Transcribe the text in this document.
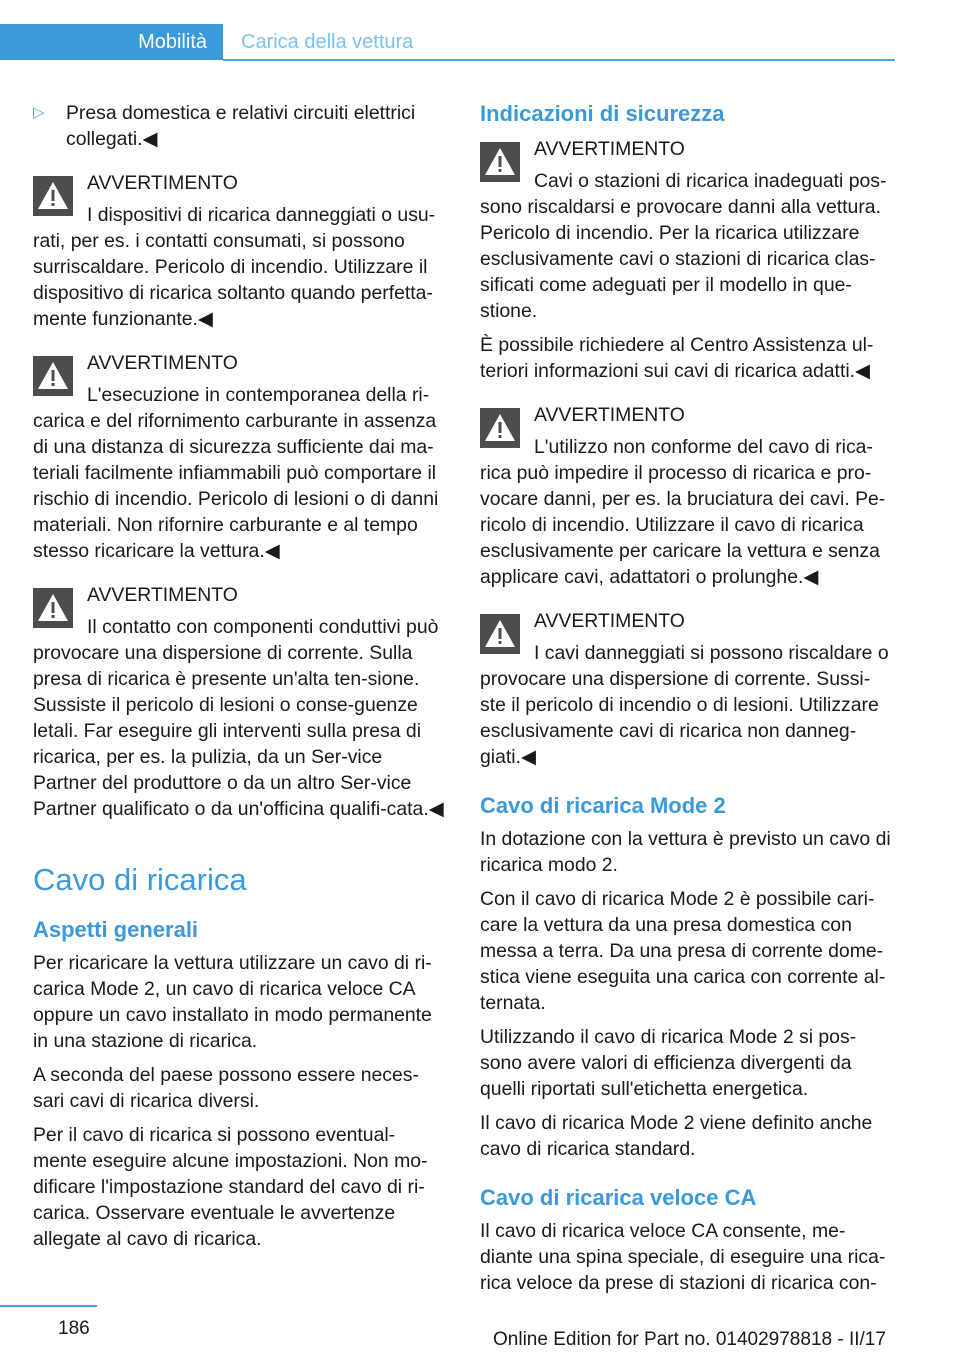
Mobilità Carica della vettura
▷ Presa domestica e relativi circuiti elettrici collegati.◀
AVVERTIMENTO

I dispositivi di ricarica danneggiati o usu‐rati, per es. i contatti consumati, si possono surriscaldare. Pericolo di incendio. Utilizzare il dispositivo di ricarica soltanto quando perfetta‐mente funzionante.◀

AVVERTIMENTO

L'esecuzione in contemporanea della ri‐carica e del rifornimento carburante in assenza di una distanza di sicurezza sufficiente dai ma‐teriali facilmente infiammabili può comportare il rischio di incendio. Pericolo di lesioni o di danni materiali. Non rifornire carburante e al tempo stesso ricaricare la vettura.◀

AVVERTIMENTO

Il contatto con componenti conduttivi può provocare una dispersione di corrente. Sulla presa di ricarica è presente un'alta ten‐sione. Sussiste il pericolo di lesioni o conse‐guenze letali. Far eseguire gli interventi sulla presa di ricarica, per es. la pulizia, da un Ser‐vice Partner del produttore o da un altro Ser‐vice Partner qualificato o da un'officina qualifi‐cata.◀

Cavo di ricarica
Aspetti generali

Per ricaricare la vettura utilizzare un cavo di ri‐carica Mode 2, un cavo di ricarica veloce CA oppure un cavo installato in modo permanente in una stazione di ricarica.

A seconda del paese possono essere neces‐sari cavi di ricarica diversi.

Per il cavo di ricarica si possono eventual‐mente eseguire alcune impostazioni. Non mo‐dificare l'impostazione standard del cavo di ri‐carica. Osservare eventuale le avvertenze allegate al cavo di ricarica.

Indicazioni di sicurezza
AVVERTIMENTO

Cavi o stazioni di ricarica inadeguati pos‐sono riscaldarsi e provocare danni alla vettura. Pericolo di incendio. Per la ricarica utilizzare esclusivamente cavi o stazioni di ricarica clas‐sificati come adeguati per il modello in que‐stione.

È possibile richiedere al Centro Assistenza ul‐teriori informazioni sui cavi di ricarica adatti.◀

AVVERTIMENTO

L'utilizzo non conforme del cavo di rica‐rica può impedire il processo di ricarica e pro‐vocare danni, per es. la bruciatura dei cavi. Pe‐ricolo di incendio. Utilizzare il cavo di ricarica esclusivamente per caricare la vettura e senza applicare cavi, adattatori o prolunghe.◀

AVVERTIMENTO

I cavi danneggiati si possono riscaldare o provocare una dispersione di corrente. Sussi‐ste il pericolo di incendio o di lesioni. Utilizzare esclusivamente cavi di ricarica non danneg‐giati.◀

Cavo di ricarica Mode 2

In dotazione con la vettura è previsto un cavo di ricarica modo 2.

Con il cavo di ricarica Mode 2 è possibile cari‐care la vettura da una presa domestica con messa a terra. Da una presa di corrente dome‐stica viene eseguita una carica con corrente al‐ternata.

Utilizzando il cavo di ricarica Mode 2 si pos‐sono avere valori di efficienza divergenti da quelli riportati sull'etichetta energetica.

Il cavo di ricarica Mode 2 viene definito anche cavo di ricarica standard.

Cavo di ricarica veloce CA

Il cavo di ricarica veloce CA consente, me‐diante una spina speciale, di eseguire una rica‐rica veloce da prese di stazioni di ricarica con‐

186
Online Edition for Part no. 01402978818 - II/17
